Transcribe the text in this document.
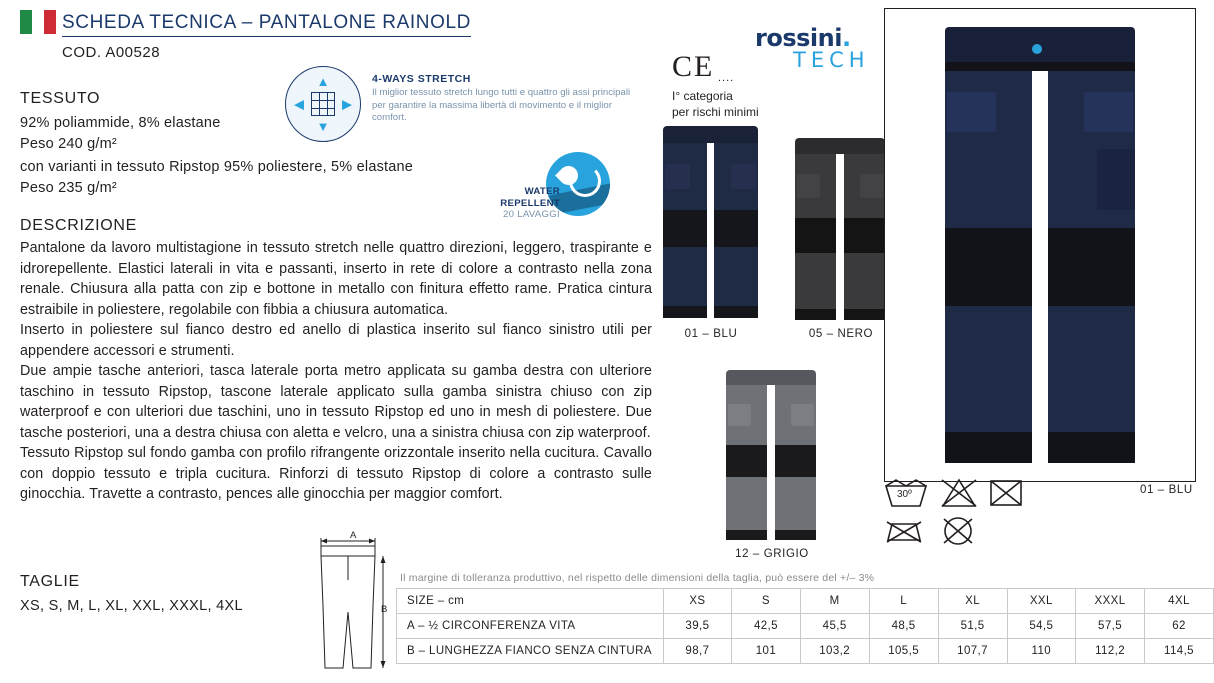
SCHEDA TECNICA – PANTALONE RAINOLD
COD. A00528
TESSUTO
92% poliammide, 8% elastane
Peso 240 g/m²
con varianti in tessuto Ripstop 95% poliestere, 5% elastane
Peso 235 g/m²
▲
▼
◀	▶
4-WAYS STRETCH
Il miglior tessuto stretch lungo tutti e quattro gli assi principali per garantire la massima libertà di movimento e il miglior comfort.
WATER
REPELLENT
20 LAVAGGI
CE ....
I° categoria
per rischi minimi
rossini.
TECH
DESCRIZIONE

Pantalone da lavoro multistagione in tessuto stretch nelle quattro direzioni, leggero, traspirante e idrorepellente. Elastici laterali in vita e passanti, inserto in rete di colore a contrasto nella zona renale. Chiusura alla patta con zip e bottone in metallo con finitura effetto rame. Pratica cintura estraibile in poliestere, regolabile con fibbia a chiusura automatica.

Inserto in poliestere sul fianco destro ed anello di plastica inserito sul fianco sinistro utili per appendere accessori e strumenti.

Due ampie tasche anteriori, tasca laterale porta metro applicata su gamba destra con ulteriore taschino in tessuto Ripstop, tascone laterale applicato sulla gamba sinistra chiuso con zip waterproof e con ulteriori due taschini, uno in tessuto Ripstop ed uno in mesh di poliestere. Due tasche posteriori, una a destra chiusa con aletta e velcro, una a sinistra chiusa con zip waterproof.

Tessuto Ripstop sul fondo gamba con profilo rifrangente orizzontale inserito nella cucitura. Cavallo con doppio tessuto e tripla cucitura. Rinforzi di tessuto Ripstop di colore a contrasto sulle ginocchia. Travette a contrasto, pences alle ginocchia per maggior comfort.

TAGLIE
XS, S, M, L, XL, XXL, XXXL, 4XL
01 – BLU	05 – NERO
12 – GRIGIO
01 – BLU
30º
A
B
Il margine di tolleranza produttivo, nel rispetto delle dimensioni della taglia, può essere del +/– 3%
SIZE – cm	XS	S	M	L	XL	XXL	XXXL	4XL
A – ½ CIRCONFERENZA VITA	39,5	42,5	45,5	48,5	51,5	54,5	57,5	62
B – LUNGHEZZA FIANCO SENZA CINTURA	98,7	101	103,2	105,5	107,7	110	112,2	114,5
